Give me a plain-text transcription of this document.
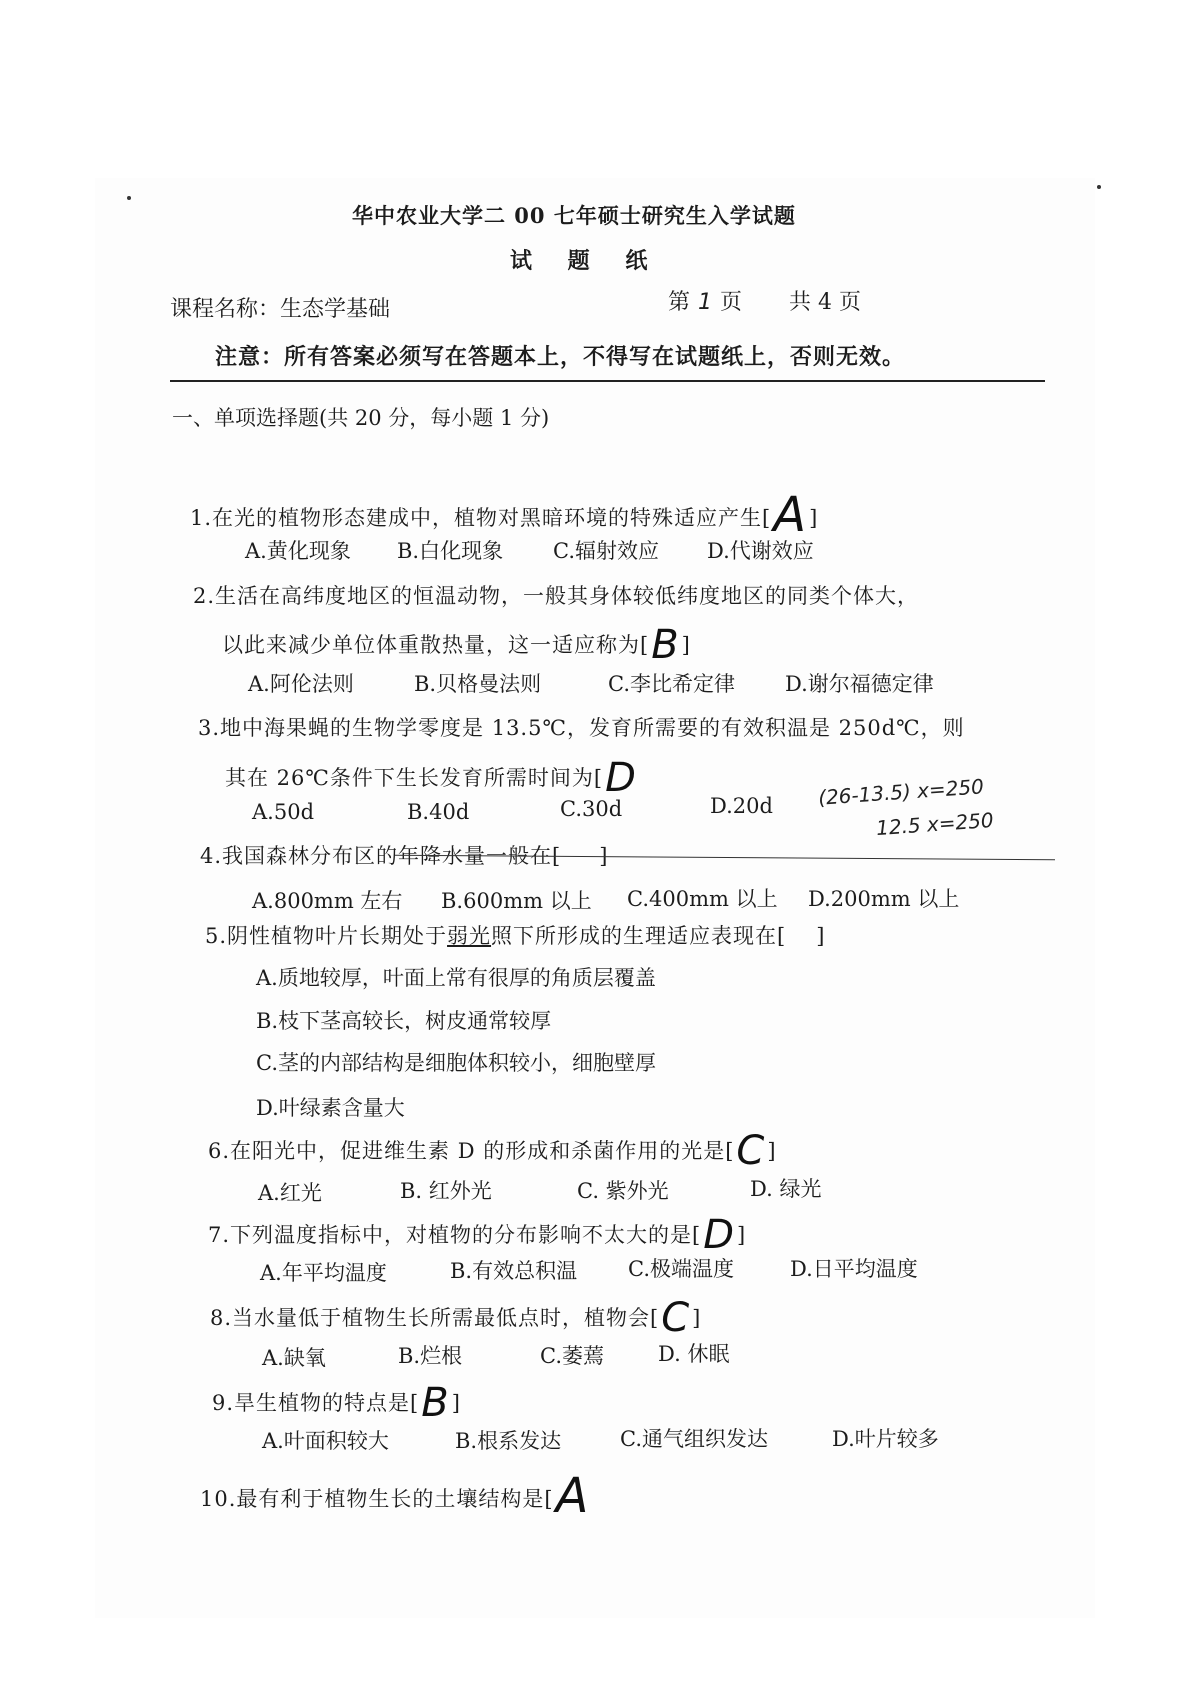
华中农业大学二 00 七年硕士研究生入学试题
试 题 纸
课程名称：生态学基础	第 1 页 共 4 页
注意：所有答案必须写在答题本上，不得写在试题纸上，否则无效。
一、单项选择题(共 20 分，每小题 1 分)
1.在光的植物形态建成中，植物对黑暗环境的特殊适应产生[A]
A.黄化现象 B.白化现象 C.辐射效应 D.代谢效应
2.生活在高纬度地区的恒温动物，一般其身体较低纬度地区的同类个体大，
以此来减少单位体重散热量，这一适应称为[B]
A.阿伦法则	B.贝格曼法则	C.李比希定律 D.谢尔福德定律
3.地中海果蝇的生物学零度是 13.5℃，发育所需要的有效积温是 250d℃，则
其在 26℃条件下生长发育所需时间为[D
A.50d	B.40d	C.30d	D.20d (26-13.5) x=250
12.5 x=250
4.我国森林分布区的年降水量一般在[
A.800mm 左右 B.600mm 以上 C.400mm 以上 D.200mm 以上
5.阴性植物叶片长期处于弱光照下所形成的生理适应表现在[ ]
A.质地较厚，叶面上常有很厚的角质层覆盖
B.枝下茎高较长，树皮通常较厚
C.茎的内部结构是细胞体积较小，细胞壁厚
D.叶绿素含量大
6.在阳光中，促进维生素 D 的形成和杀菌作用的光是[C]
A.红光	B. 红外光	C. 紫外光	D. 绿光
7.下列温度指标中，对植物的分布影响不太大的是[D]
A.年平均温度	B.有效总积温 C.极端温度	D.日平均温度
8.当水量低于植物生长所需最低点时，植物会[C]
A.缺氧	B.烂根	C.萎蔫	D. 休眠
9.旱生植物的特点是[B]
A.叶面积较大	B.根系发达	C.通气组织发达	D.叶片较多
10.最有利于植物生长的土壤结构是[A
